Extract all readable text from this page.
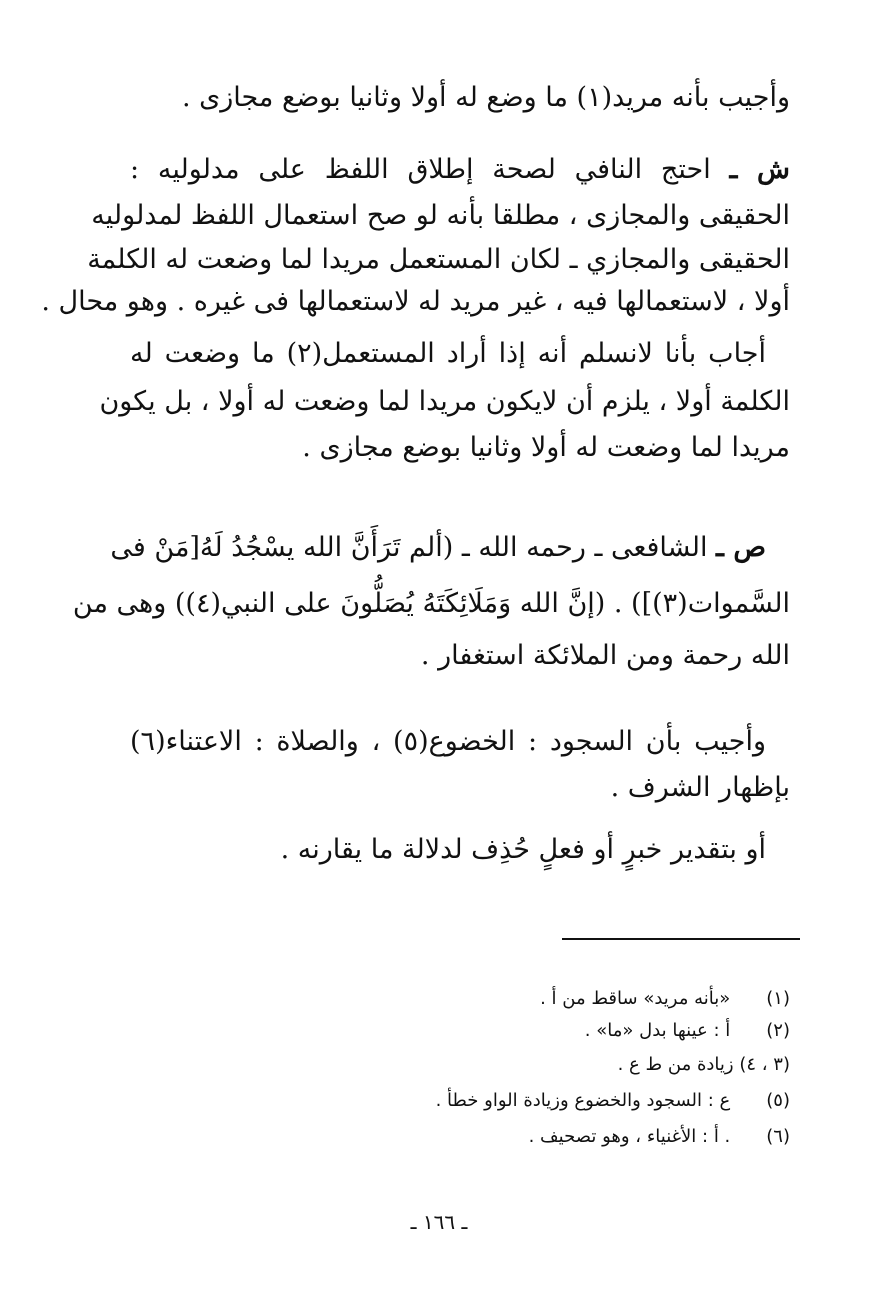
وأجيب بأنه مريد(١) ما وضع له أولا وثانيا بوضع مجازى .
ش ـ احتج النافي لصحة إطلاق اللفظ على مدلوليه :
الحقيقى والمجازى ، مطلقا بأنه لو صح استعمال اللفظ لمدلوليه
الحقيقى والمجازي ـ لكان المستعمل مريدا لما وضعت له الكلمة
أولا ، لاستعمالها فيه ، غير مريد له لاستعمالها فى غيره . وهو محال .
أجاب بأنا لانسلم أنه إذا أراد المستعمل(٢) ما وضعت له
الكلمة أولا ، يلزم أن لايكون مريدا لما وضعت له أولا ، بل يكون
مريدا لما وضعت له أولا وثانيا بوضع مجازى .
ص ـ الشافعى ـ رحمه الله ـ (ألم تَرَأَنَّ الله يسْجُدُ لَهُ[مَنْ فى
السَّموات(٣)]) . (إنَّ الله وَمَلَائِكَتَهُ يُصَلُّونَ على النبي(٤)) وهى من
الله رحمة ومن الملائكة استغفار .
وأجيب بأن السجود : الخضوع(٥) ، والصلاة : الاعتناء(٦)
بإظهار الشرف .
أو بتقدير خبرٍ أو فعلٍ حُذِف لدلالة ما يقارنه .
(١) «بأنه مريد» ساقط من أ .
(٢) أ : عينها بدل «ما» .
(٣ ، ٤) زيادة من ط ع .
(٥) ع : السجود والخضوع وزيادة الواو خطأ .
(٦) . أ : الأغنياء ، وهو تصحيف .
ـ ١٦٦ ـ
